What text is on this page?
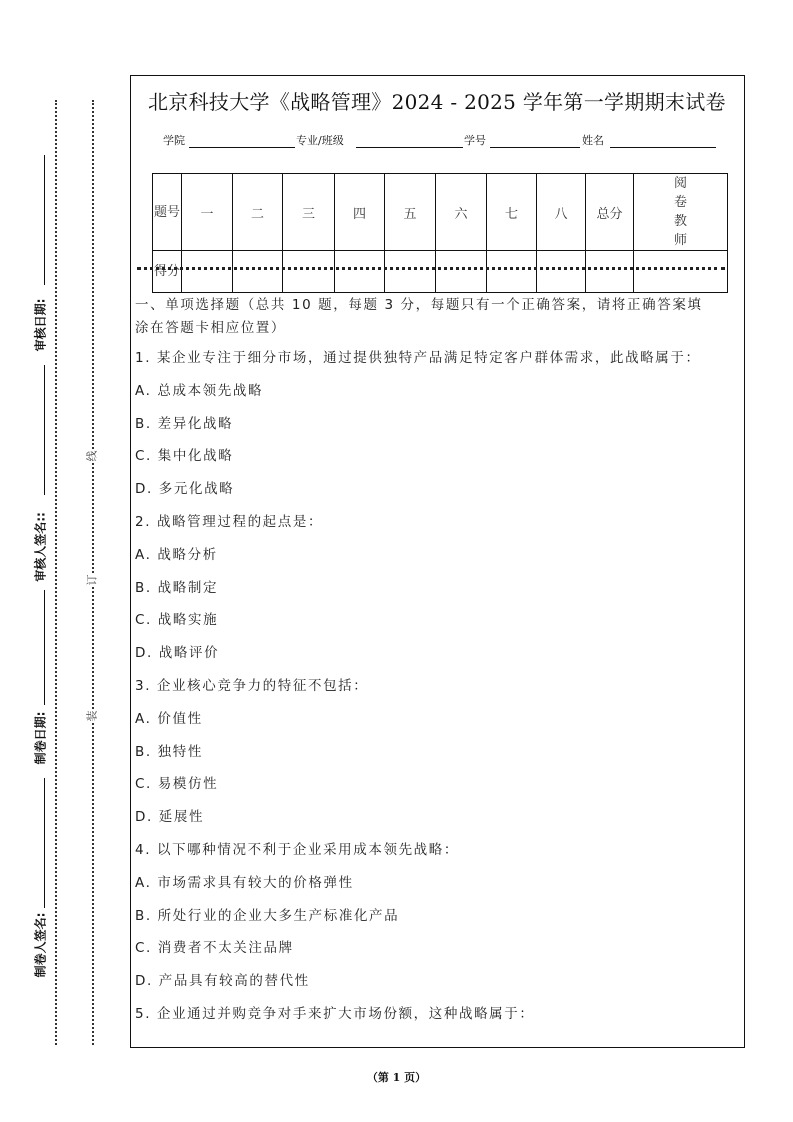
审核日期:
审核人签名::
制卷日期:
制卷人签名:
线
订
装
北京科技大学《战略管理》2024 - 2025 学年第一学期期末试卷
学院	专业/班级	学号	姓名
题号	一	二	三	四	五	六	七	八	总分	阅卷教师
得分										
一、单项选择题（总共 10 题，每题 3 分，每题只有一个正确答案，请将正确答案填
涂在答题卡相应位置）
1. 某企业专注于细分市场，通过提供独特产品满足特定客户群体需求，此战略属于：
A. 总成本领先战略
B. 差异化战略
C. 集中化战略
D. 多元化战略
2. 战略管理过程的起点是：
A. 战略分析
B. 战略制定
C. 战略实施
D. 战略评价
3. 企业核心竞争力的特征不包括：
A. 价值性
B. 独特性
C. 易模仿性
D. 延展性
4. 以下哪种情况不利于企业采用成本领先战略：
A. 市场需求具有较大的价格弹性
B. 所处行业的企业大多生产标准化产品
C. 消费者不太关注品牌
D. 产品具有较高的替代性
5. 企业通过并购竞争对手来扩大市场份额，这种战略属于：
（第 1 页）
